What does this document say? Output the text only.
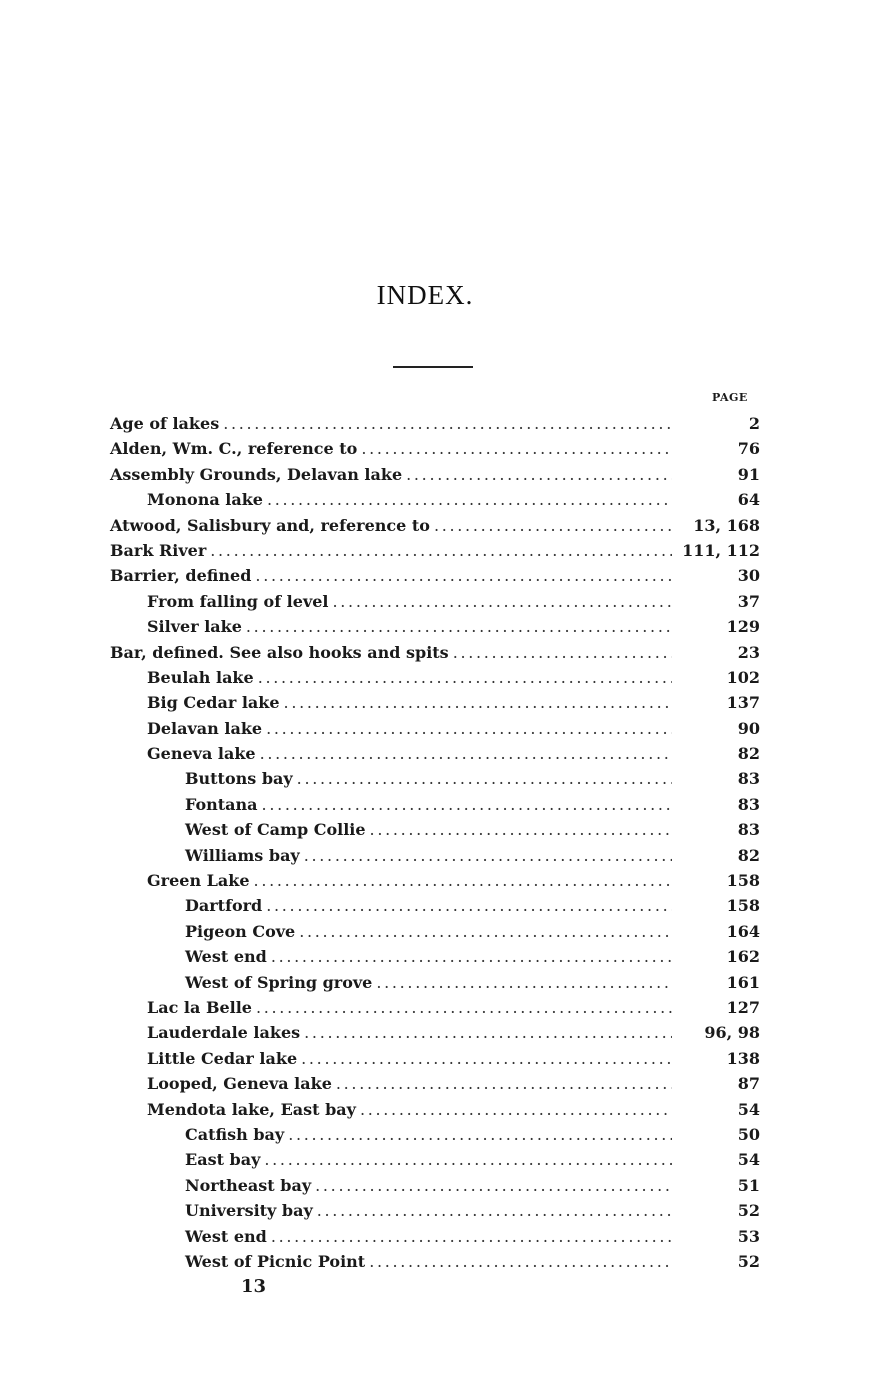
INDEX.
PAGE
Age of lakes . . .	2
Alden, Wm. C., reference to . . .	76
Assembly Grounds, Delavan lake . . .	91
Monona lake . . .	64
Atwood, Salisbury and, reference to . . .	13, 168
Bark River . . .	111, 112
Barrier, defined . . .	30
From falling of level . . .	37
Silver lake . . .	129
Bar, defined. See also hooks and spits . . .	23
Beulah lake . . .	102
Big Cedar lake . . .	137
Delavan lake . . .	90
Geneva lake . . .	82
Buttons bay . . .	83
Fontana . . .	83
West of Camp Collie . . .	83
Williams bay . . .	82
Green Lake . . .	158
Dartford . . .	158
Pigeon Cove . . .	164
West end . . .	162
West of Spring grove . . .	161
Lac la Belle . . .	127
Lauderdale lakes . . .	96, 98
Little Cedar lake . . .	138
Looped, Geneva lake . . .	87
Mendota lake, East bay . . .	54
Catfish bay . . .	50
East bay . . .	54
Northeast bay . . .	51
University bay . . .	52
West end . . .	53
West of Picnic Point . . .	52
13
